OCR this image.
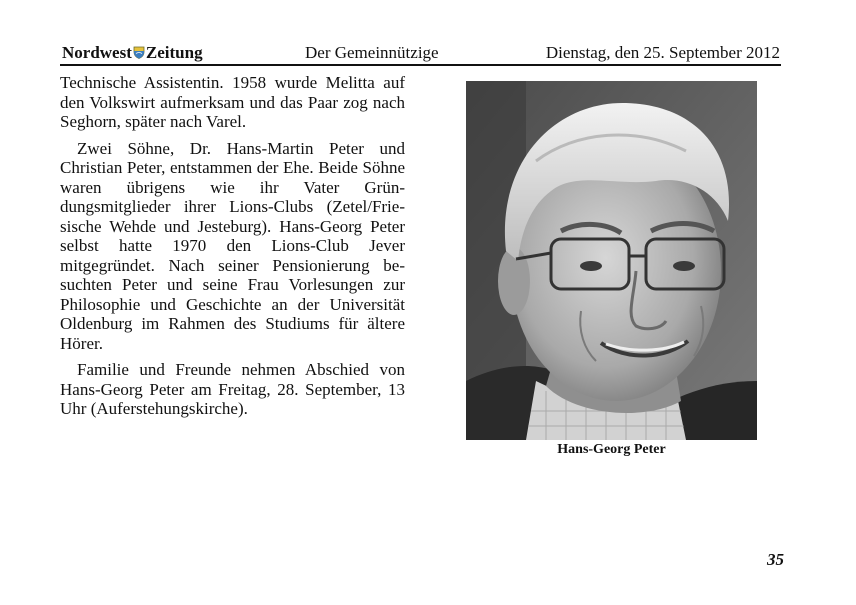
Nordwest Zeitung	Der Gemeinnützige	Dienstag, den 25. September 2012

Technische Assistentin. 1958 wurde Melitta auf den Volkswirt aufmerksam und das Paar zog nach Seghorn, später nach Varel.

Zwei Söhne, Dr. Hans-Martin Peter und Christian Peter, entstammen der Ehe. Beide Söhne waren übrigens wie ihr Vater Gründungsmitglieder ihrer Lions-Clubs (Zetel/Friesische Wehde und Jesteburg). Hans-Georg Peter selbst hatte 1970 den Lions-Club Jever mitgegründet. Nach seiner Pensionierung besuchten Peter und seine Frau Vorlesungen zur Philosophie und Geschichte an der Universität Oldenburg im Rahmen des Studiums für ältere Hörer.

Familie und Freunde nehmen Abschied von Hans-Georg Peter am Freitag, 28. September, 13 Uhr (Auferstehungskirche).

Hans-Georg Peter
35
